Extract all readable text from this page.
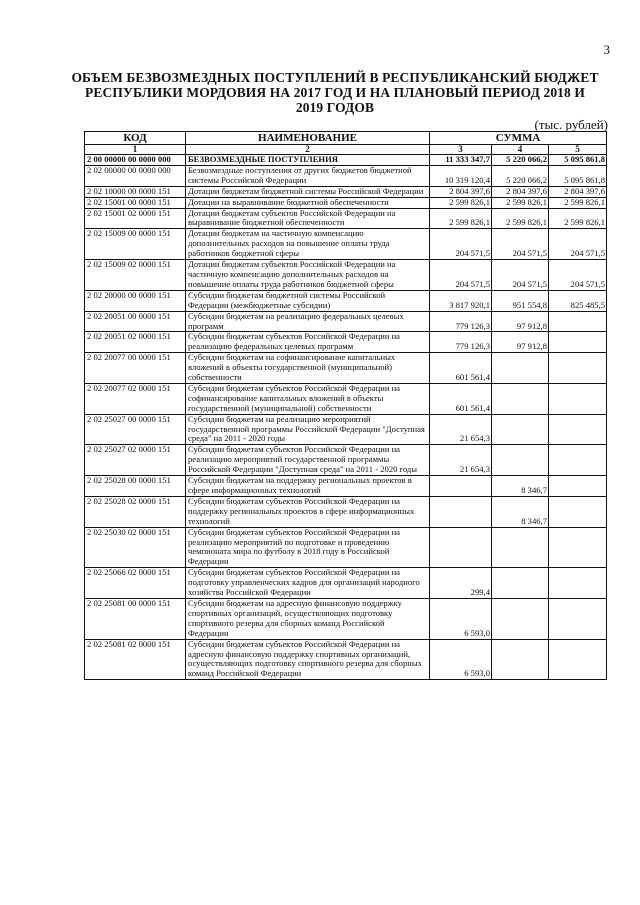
3
ОБЪЕМ БЕЗВОЗМЕЗДНЫХ ПОСТУПЛЕНИЙ В РЕСПУБЛИКАНСКИЙ БЮДЖЕТ РЕСПУБЛИКИ МОРДОВИЯ НА 2017 ГОД И НА ПЛАНОВЫЙ ПЕРИОД 2018 И 2019 ГОДОВ
(тыс. рублей)
КОД	НАИМЕНОВАНИЕ	СУММА		
1	2	3	4	5
2 00 00000 00 0000 000	БЕЗВОЗМЕЗДНЫЕ ПОСТУПЛЕНИЯ	11 333 347,7	5 220 066,2	5 095 861,8
2 02 00000 00 0000 000	Безвозмездные поступления от других бюджетов бюджетной системы Российской Федерации	10 319 120,4	5 220 066,2	5 095 861,8
2 02 10000 00 0000 151	Дотации бюджетам бюджетной системы Российской Федерации	2 804 397,6	2 804 397,6	2 804 397,6
2 02 15001 00 0000 151	Дотации на выравнивание бюджетной обеспеченности	2 599 826,1	2 599 826,1	2 599 826,1
2 02 15001 02 0000 151	Дотации бюджетам субъектов Российской Федерации на выравнивание бюджетной обеспеченности	2 599 826,1	2 599 826,1	2 599 826,1
2 02 15009 00 0000 151	Дотации бюджетам на частичную компенсацию дополнительных расходов на повышение оплаты труда работников бюджетной сферы	204 571,5	204 571,5	204 571,5
2 02 15009 02 0000 151	Дотации бюджетам субъектов Российской Федерации на частичную компенсацию дополнительных расходов на повышение оплаты труда работников бюджетной сферы	204 571,5	204 571,5	204 571,5
2 02 20000 00 0000 151	Субсидии бюджетам бюджетной системы Российской Федерации (межбюджетные субсидии)	3 817 920,1	951 554,8	825 485,5
2 02 20051 00 0000 151	Субсидии бюджетам на реализацию федеральных целевых программ	779 126,3	97 912,8	
2 02 20051 02 0000 151	Субсидии бюджетам субъектов Российской Федерации на реализацию федеральных целевых программ	779 126,3	97 912,8	
2 02 20077 00 0000 151	Субсидии бюджетам на софинансирование капитальных вложений в объекты государственной (муниципальной) собственности	601 561,4		
2 02 20077 02 0000 151	Субсидии бюджетам субъектов Российской Федерации на софинансирование капитальных вложений в объекты государственной (муниципальной) собственности	601 561,4		
2 02 25027 00 0000 151	Субсидии бюджетам на реализацию мероприятий государственной программы Российской Федерации "Доступная среда" на 2011 - 2020 годы	21 654,3		
2 02 25027 02 0000 151	Субсидии бюджетам субъектов Российской Федерации на реализацию мероприятий государственной программы Российской Федерации "Доступная среда" на 2011 - 2020 годы	21 654,3		
2 02 25028 00 0000 151	Субсидии бюджетам на поддержку региональных проектов в сфере информационных технологий		8 346,7	
2 02 25028 02 0000 151	Субсидии бюджетам субъектов Российской Федерации на поддержку региональных проектов в сфере информационных технологий		8 346,7	
2 02 25030 02 0000 151	Субсидии бюджетам субъектов Российской Федерации на реализацию мероприятий по подготовке и проведению чемпионата мира по футболу в 2018 году в Российской Федерации			
2 02 25066 02 0000 151	Субсидии бюджетам субъектов Российской Федерации на подготовку управленческих кадров для организаций народного хозяйства Российской Федерации	299,4		
2 02 25081 00 0000 151	Субсидии бюджетам на адресную финансовую поддержку спортивных организаций, осуществляющих подготовку спортивного резерва для сборных команд Российской Федерации	6 593,0		
2 02 25081 02 0000 151	Субсидии бюджетам субъектов Российской Федерации на адресную финансовую поддержку спортивных организаций, осуществляющих подготовку спортивного резерва для сборных команд Российской Федерации	6 593,0		
